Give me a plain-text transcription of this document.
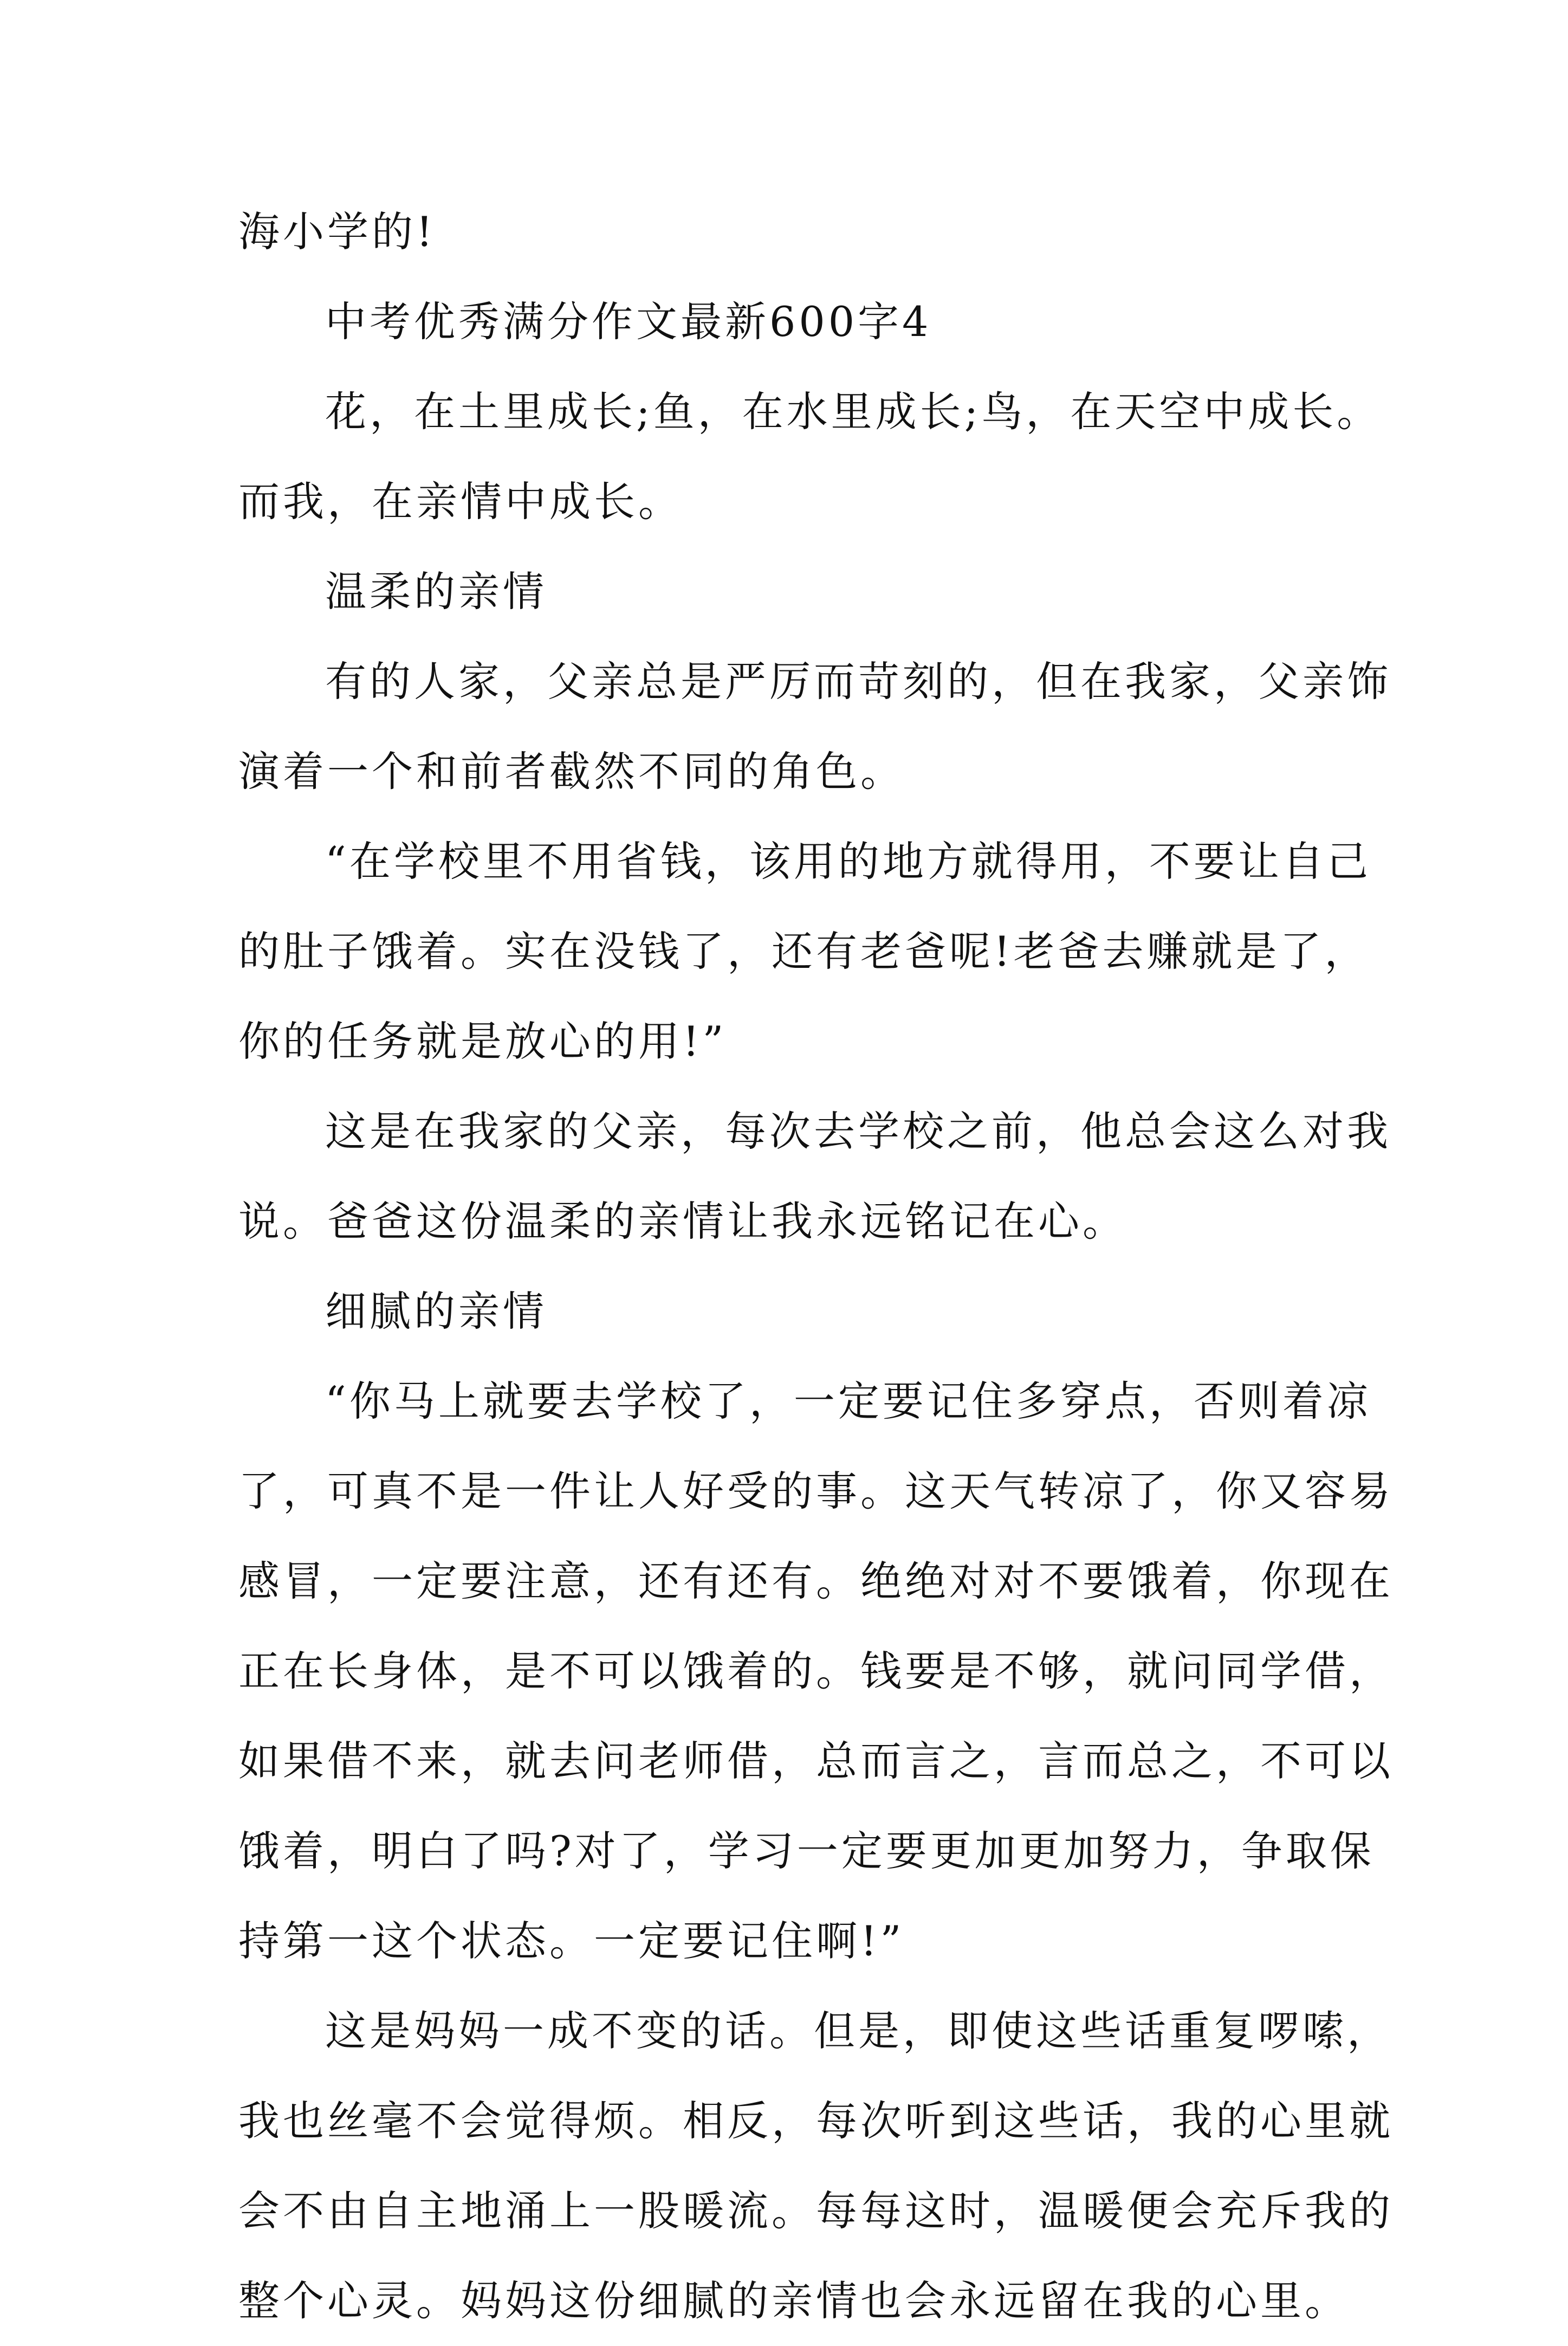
海小学的!
中考优秀满分作文最新600字4
花，在土里成长;鱼，在水里成长;鸟，在天空中成长。
而我，在亲情中成长。
温柔的亲情
有的人家，父亲总是严厉而苛刻的，但在我家，父亲饰
演着一个和前者截然不同的角色。
“在学校里不用省钱，该用的地方就得用，不要让自己
的肚子饿着。实在没钱了，还有老爸呢!老爸去赚就是了，
你的任务就是放心的用!”
这是在我家的父亲，每次去学校之前，他总会这么对我
说。爸爸这份温柔的亲情让我永远铭记在心。
细腻的亲情
“你马上就要去学校了，一定要记住多穿点，否则着凉
了，可真不是一件让人好受的事。这天气转凉了，你又容易
感冒，一定要注意，还有还有。绝绝对对不要饿着，你现在
正在长身体，是不可以饿着的。钱要是不够，就问同学借，
如果借不来，就去问老师借，总而言之，言而总之，不可以
饿着，明白了吗?对了，学习一定要更加更加努力，争取保
持第一这个状态。一定要记住啊!”
这是妈妈一成不变的话。但是，即使这些话重复啰嗦，
我也丝毫不会觉得烦。相反，每次听到这些话，我的心里就
会不由自主地涌上一股暖流。每每这时，温暖便会充斥我的
整个心灵。妈妈这份细腻的亲情也会永远留在我的心里。
